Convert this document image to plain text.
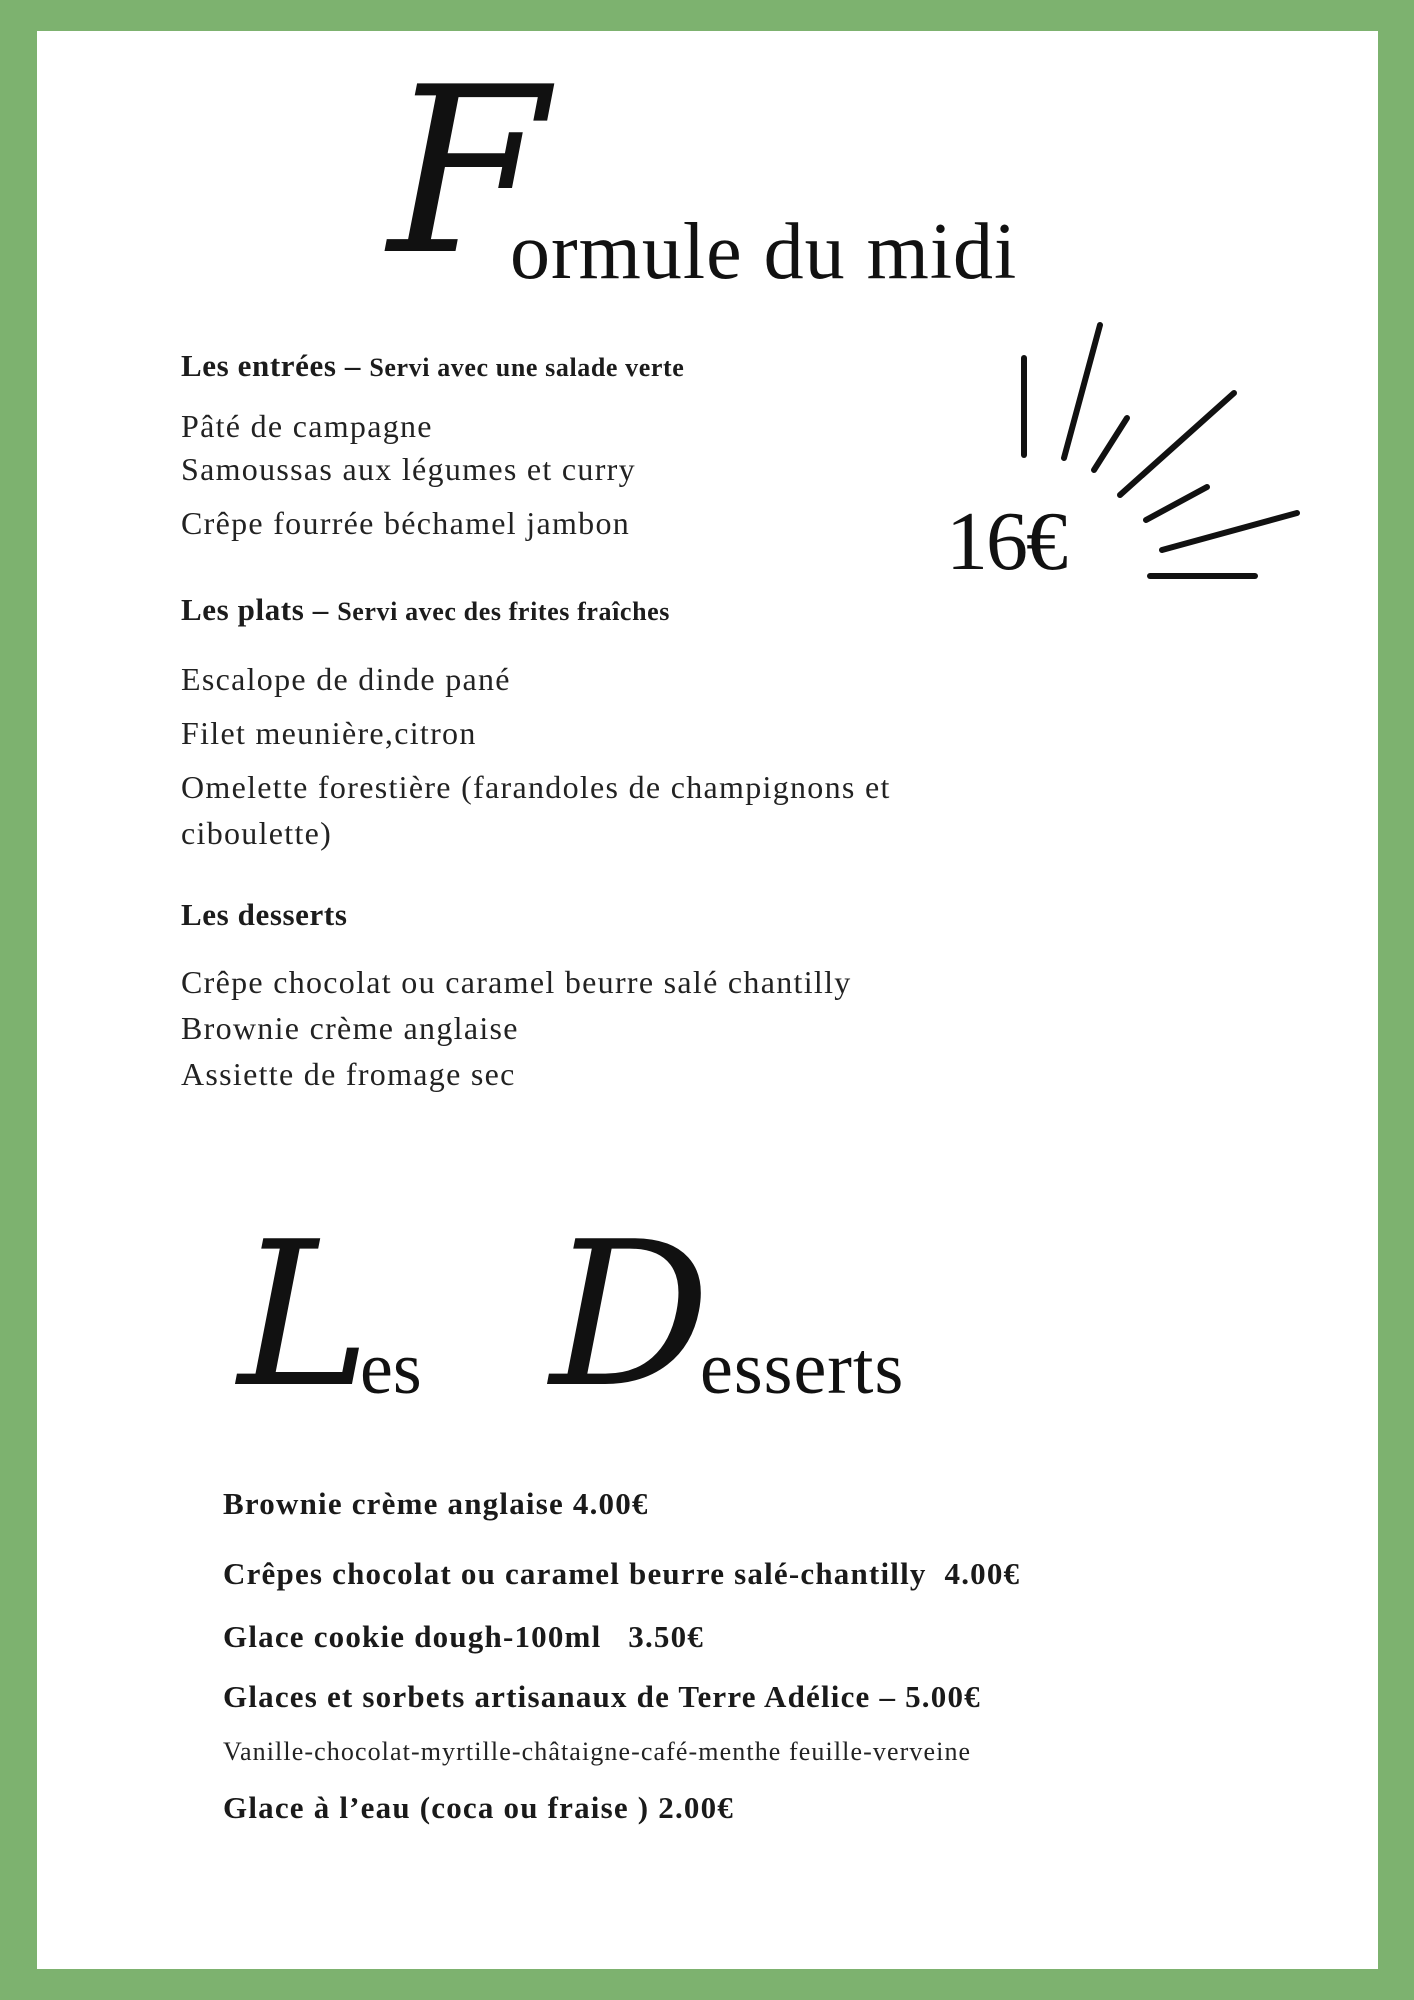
F
ormule du midi
16€
Les entrées – Servi avec une salade verte
Pâté de campagne
Samoussas aux légumes et curry
Crêpe fourrée béchamel jambon
Les plats – Servi avec des frites fraîches
Escalope de dinde pané
Filet meunière,citron
Omelette forestière (farandoles de champignons et
ciboulette)
Les desserts
Crêpe chocolat ou caramel beurre salé chantilly
Brownie crème anglaise
Assiette de fromage sec
L
es D
esserts
Brownie crème anglaise 4.00€
Crêpes chocolat ou caramel beurre salé-chantilly  4.00€
Glace cookie dough-100ml   3.50€
Glaces et sorbets artisanaux de Terre Adélice – 5.00€
Vanille-chocolat-myrtille-châtaigne-café-menthe feuille-verveine
Glace à l’eau (coca ou fraise ) 2.00€
